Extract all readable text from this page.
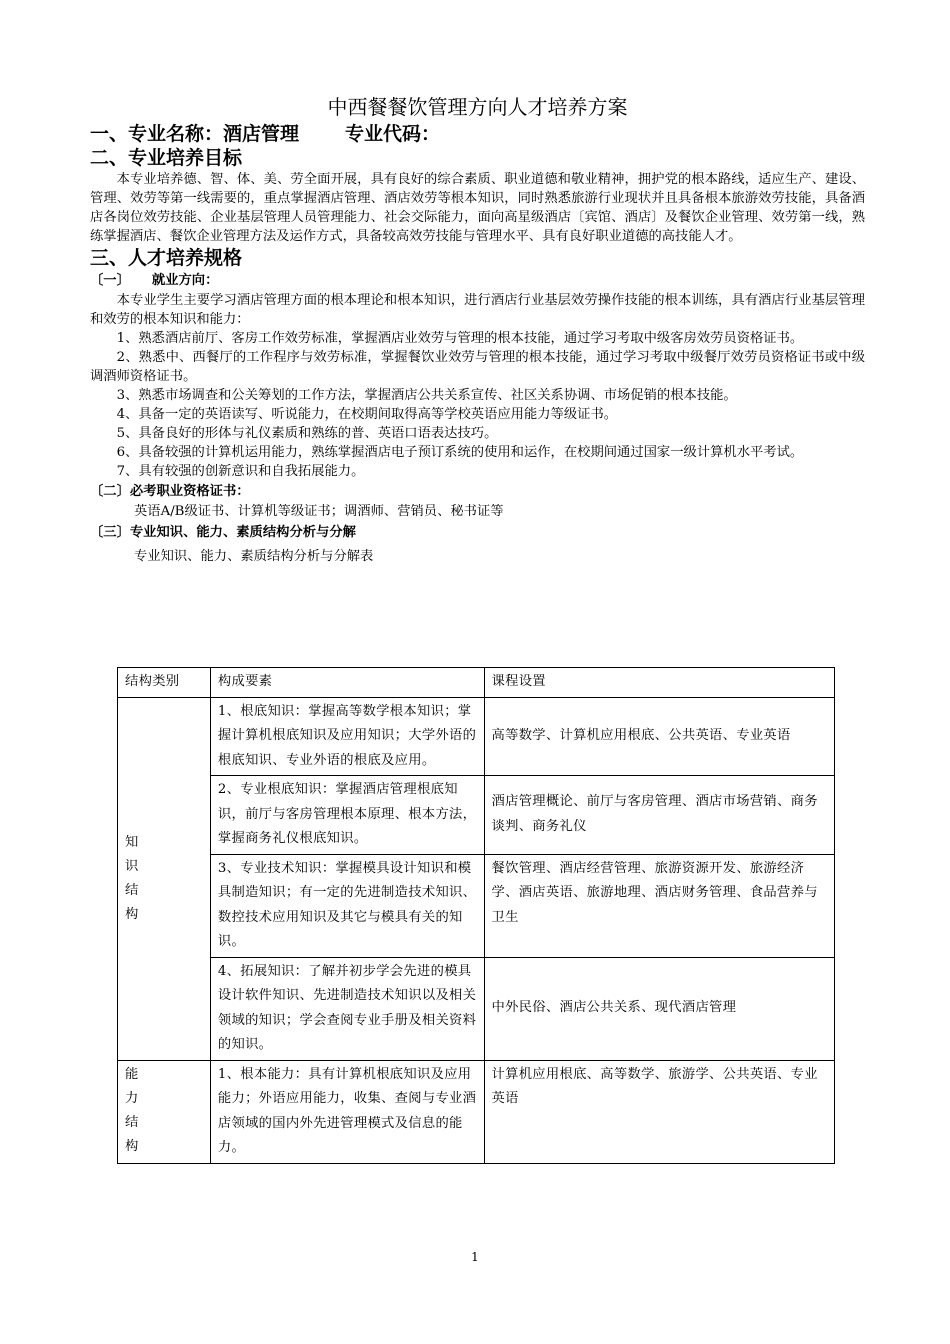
中西餐餐饮管理方向人才培养方案

一、专业名称：酒店管理 专业代码：

二、专业培养目标

本专业培养德、智、体、美、劳全面开展，具有良好的综合素质、职业道德和敬业精神，拥护党的根本路线，适应生产、建设、管理、效劳等第一线需要的，重点掌握酒店管理、酒店效劳等根本知识，同时熟悉旅游行业现状并且具备根本旅游效劳技能，具备酒店各岗位效劳技能、企业基层管理人员管理能力、社会交际能力，面向高星级酒店〔宾馆、酒店〕及餐饮企业管理、效劳第一线，熟练掌握酒店、餐饮企业管理方法及运作方式，具备较高效劳技能与管理水平、具有良好职业道德的高技能人才。

三、人才培养规格

〔一〕 就业方向：

本专业学生主要学习酒店管理方面的根本理论和根本知识，进行酒店行业基层效劳操作技能的根本训练，具有酒店行业基层管理和效劳的根本知识和能力：

1、熟悉酒店前厅、客房工作效劳标准，掌握酒店业效劳与管理的根本技能，通过学习考取中级客房效劳员资格证书。

2、熟悉中、西餐厅的工作程序与效劳标准，掌握餐饮业效劳与管理的根本技能，通过学习考取中级餐厅效劳员资格证书或中级调酒师资格证书。

3、熟悉市场调查和公关筹划的工作方法，掌握酒店公共关系宣传、社区关系协调、市场促销的根本技能。

4、具备一定的英语读写、听说能力，在校期间取得高等学校英语应用能力等级证书。

5、具备良好的形体与礼仪素质和熟练的普、英语口语表达技巧。

6、具备较强的计算机运用能力，熟练掌握酒店电子预订系统的使用和运作，在校期间通过国家一级计算机水平考试。

7、具有较强的创新意识和自我拓展能力。

〔二〕必考职业资格证书：

英语A/B级证书、计算机等级证书；调酒师、营销员、秘书证等

〔三〕专业知识、能力、素质结构分析与分解

专业知识、能力、素质结构分析与分解表

结构类别	构成要素	课程设置

知
识
结
构	1、根底知识：掌握高等数学根本知识；掌握计算机根底知识及应用知识；大学外语的根底知识、专业外语的根底及应用。	高等数学、计算机应用根底、公共英语、专业英语
	2、专业根底知识：掌握酒店管理根底知识，前厅与客房管理根本原理、根本方法，掌握商务礼仪根底知识。	酒店管理概论、前厅与客房管理、酒店市场营销、商务谈判、商务礼仪
	3、专业技术知识：掌握模具设计知识和模具制造知识；有一定的先进制造技术知识、数控技术应用知识及其它与模具有关的知识。	餐饮管理、酒店经营管理、旅游资源开发、旅游经济学、酒店英语、旅游地理、酒店财务管理、食品营养与卫生
	4、拓展知识：了解并初步学会先进的模具设计软件知识、先进制造技术知识以及相关领域的知识；学会查阅专业手册及相关资料的知识。	中外民俗、酒店公共关系、现代酒店管理

能
力
结
构	1、根本能力：具有计算机根底知识及应用能力；外语应用能力，收集、查阅与专业酒店领域的国内外先进管理模式及信息的能力。	计算机应用根底、高等数学、旅游学、公共英语、专业英语
1
